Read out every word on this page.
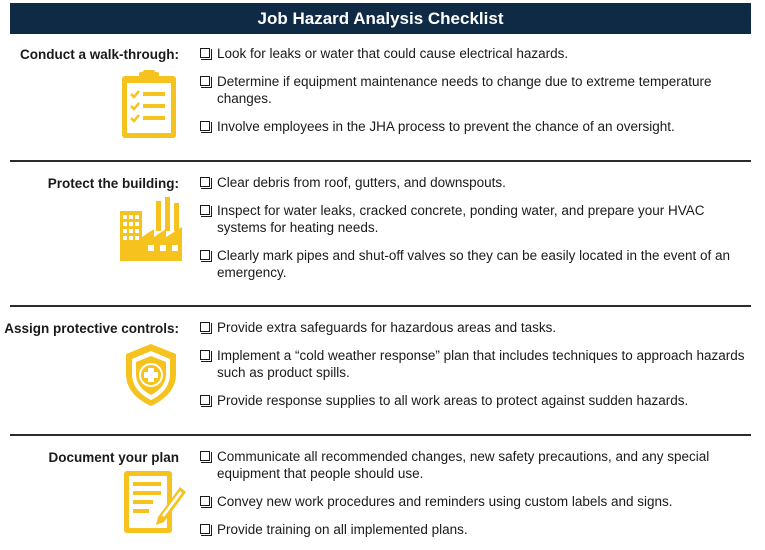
Job Hazard Analysis Checklist
Conduct a walk-through:	Look for leaks or water that could cause electrical hazards.
Determine if equipment maintenance needs to change due to extreme temperature changes.
Involve employees in the JHA process to prevent the chance of an oversight.
Protect the building:	Clear debris from roof, gutters, and downspouts.
Inspect for water leaks, cracked concrete, ponding water, and prepare your HVAC systems for heating needs.
Clearly mark pipes and shut-off valves so they can be easily located in the event of an emergency.
Assign protective controls:	Provide extra safeguards for hazardous areas and tasks.
Implement a “cold weather response” plan that includes techniques to approach hazards such as product spills.
Provide response supplies to all work areas to protect against sudden hazards.
Document your plan	Communicate all recommended changes, new safety precautions, and any special equipment that people should use.
Convey new work procedures and reminders using custom labels and signs.
Provide training on all implemented plans.
